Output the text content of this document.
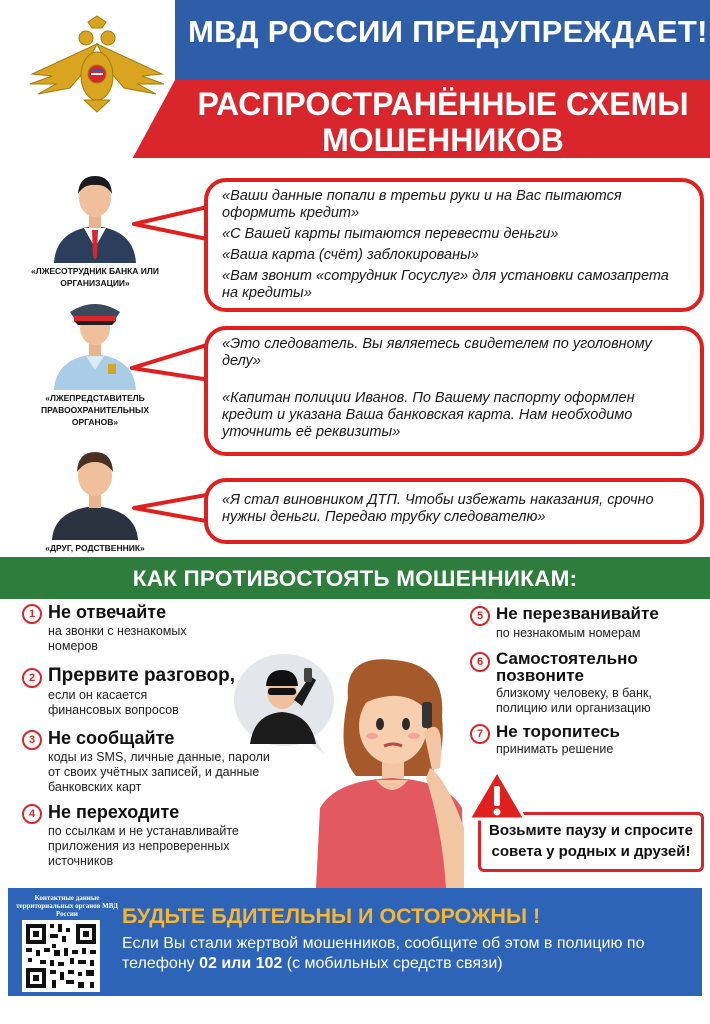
МВД РОССИИ ПРЕДУПРЕЖДАЕТ!
РАСПРОСТРАНЁННЫЕ СХЕМЫ МОШЕННИКОВ
«ЛЖЕСОТРУДНИК БАНКА ИЛИ ОРГАНИЗАЦИИ»

«Ваши данные попали в третьи руки и на Вас пытаются оформить кредит»

«С Вашей карты пытаются перевести деньги»

«Ваша карта (счёт) заблокированы»

«Вам звонит «сотрудник Госуслуг» для установки самозапрета на кредиты»

«ЛЖЕПРЕДСТАВИТЕЛЬ ПРАВООХРАНИТЕЛЬНЫХ ОРГАНОВ»

«Это следователь. Вы являетесь свидетелем по уголовному делу»

«Капитан полиции Иванов. По Вашему паспорту оформлен кредит и указана Ваша банковская карта. Нам необходимо уточнить её реквизиты»

«ДРУГ, РОДСТВЕННИК»

«Я стал виновником ДТП. Чтобы избежать наказания, срочно нужны деньги. Передаю трубку следователю»

КАК ПРОТИВОСТОЯТЬ МОШЕННИКАМ:
1 Не отвечайте
на звонки с незнакомых номеров
2 Прервите разговор,
если он касается финансовых вопросов
3 Не сообщайте
коды из SMS, личные данные, пароли от своих учётных записей, и данные банковских карт
4 Не переходите
по ссылкам и не устанавливайте приложения из непроверенных источников
5 Не перезванивайте
по незнакомым номерам
6 Самостоятельно позвоните
близкому человеку, в банк, полицию или организацию
7 Не торопитесь
принимать решение
Возьмите паузу и спросите совета у родных и друзей!
Контактные данные территориальных органов МВД России	БУДЬТЕ БДИТЕЛЬНЫ И ОСТОРОЖНЫ !
Если Вы стали жертвой мошенников, сообщите об этом в полицию по телефону 02 или 102 (с мобильных средств связи)
